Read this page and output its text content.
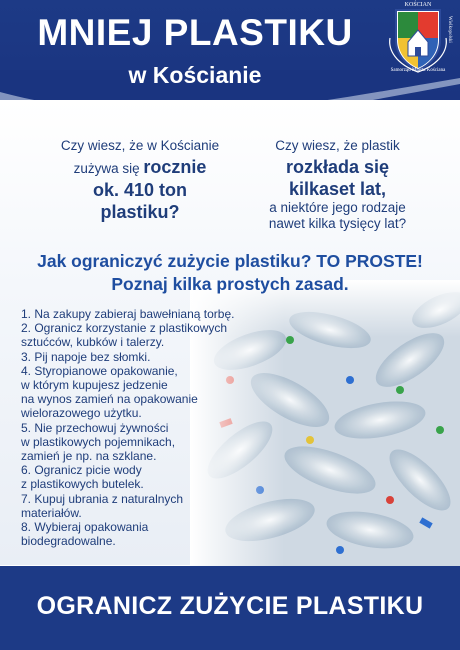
MNIEJ PLASTIKU
w Kościanie
KOŚCIAN
Wielkopolski
Samorząd Miasta Kościana
Czy wiesz, że w Kościanie
zużywa się rocznie
ok. 410 ton
plastiku?
Czy wiesz, że plastik
rozkłada się
kilkaset lat,
a niektóre jego rodzaje
nawet kilka tysięcy lat?
Jak ograniczyć zużycie plastiku? TO PROSTE!
Poznaj kilka prostych zasad.
1. Na zakupy zabieraj bawełnianą torbę.
2. Ogranicz korzystanie z plastikowych
sztućców, kubków i talerzy.
3. Pij napoje bez słomki.
4. Styropianowe opakowanie,
w którym kupujesz jedzenie
na wynos zamień na opakowanie
wielorazowego użytku.
5. Nie przechowuj żywności
w plastikowych pojemnikach,
zamień je np. na szklane.
6. Ogranicz picie wody
z plastikowych butelek.
7. Kupuj ubrania z naturalnych
materiałów.
8. Wybieraj opakowania
biodegradowalne.
OGRANICZ ZUŻYCIE PLASTIKU
